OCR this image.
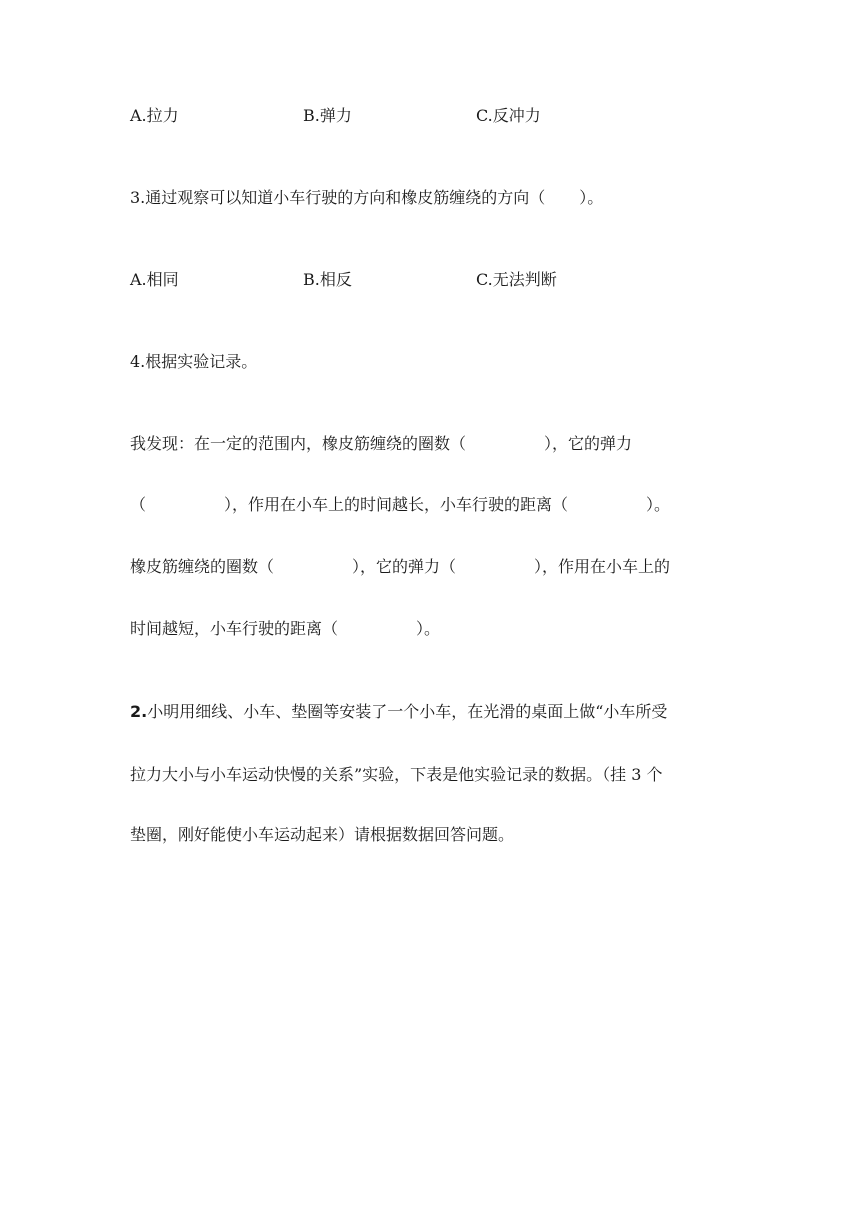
A.拉力	B.弹力	C.反冲力
3.通过观察可以知道小车行驶的方向和橡皮筋缠绕的方向（ ）。
A.相同	B.相反	C.无法判断
4.根据实验记录。
我发现：在一定的范围内，橡皮筋缠绕的圈数（	），它的弹力
（	），作用在小车上的时间越长，小车行驶的距离（	）。
橡皮筋缠绕的圈数（	），它的弹力（	），作用在小车上的
时间越短，小车行驶的距离（	）。
2.小明用细线、小车、垫圈等安装了一个小车，在光滑的桌面上做“小车所受
拉力大小与小车运动快慢的关系”实验，下表是他实验记录的数据。（挂 3 个
垫圈，刚好能使小车运动起来）请根据数据回答问题。
